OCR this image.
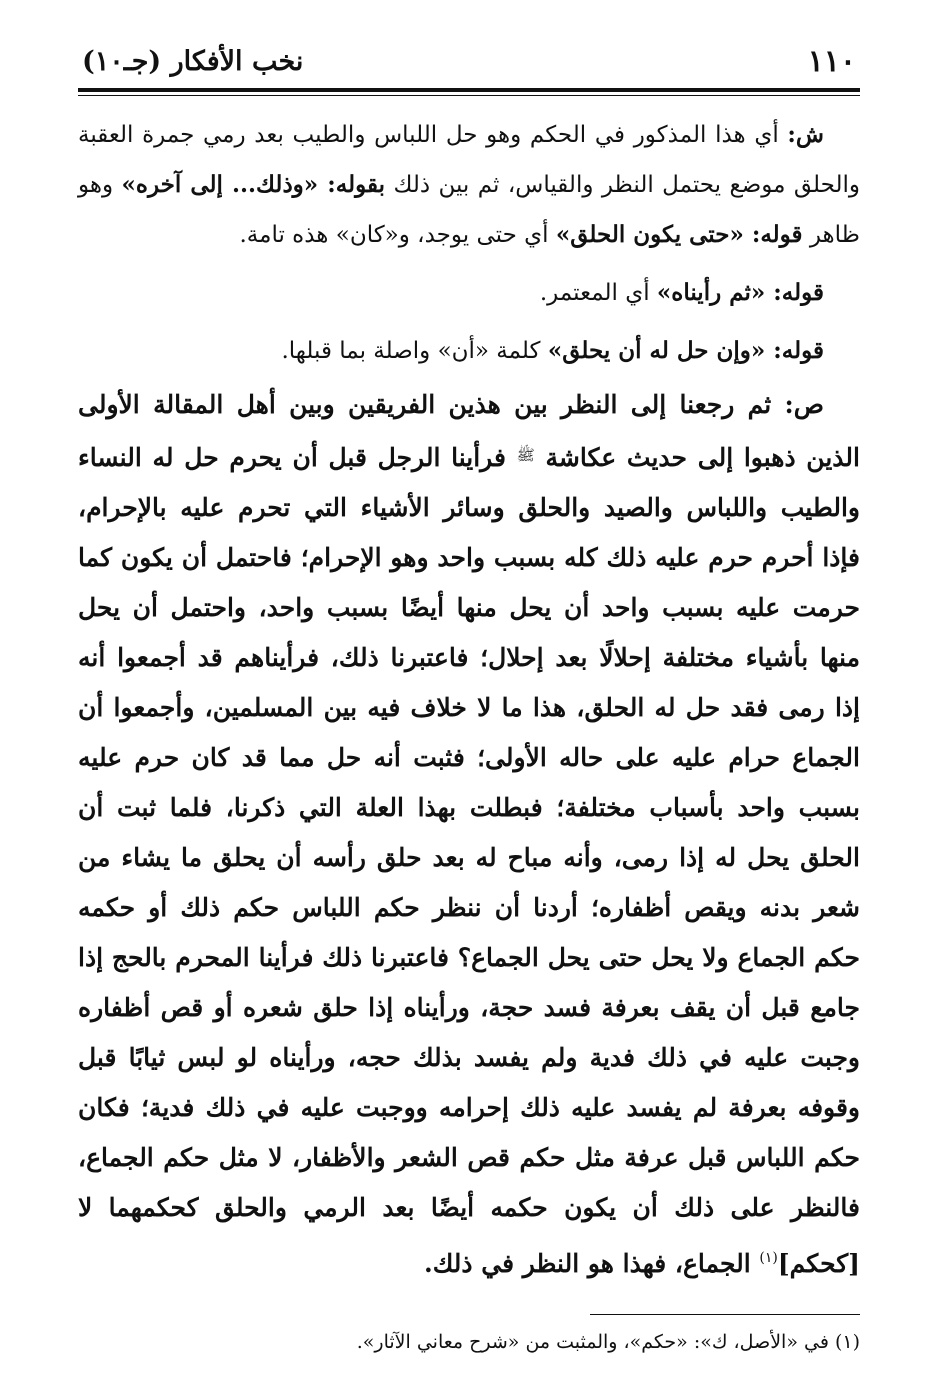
١١٠
نخب الأفكار (جـ١٠)

ش: أي هذا المذكور في الحكم وهو حل اللباس والطيب بعد رمي جمرة العقبة والحلق موضع يحتمل النظر والقياس، ثم بين ذلك بقوله: «وذلك... إلى آخره» وهو ظاهر قوله: «حتى يكون الحلق» أي حتى يوجد، و«كان» هذه تامة.

قوله: «ثم رأيناه» أي المعتمر.

قوله: «وإن حل له أن يحلق» كلمة «أن» واصلة بما قبلها.

ص: ثم رجعنا إلى النظر بين هذين الفريقين وبين أهل المقالة الأولى الذين ذهبوا إلى حديث عكاشة $^ﷺ$ فرأينا الرجل قبل أن يحرم حل له النساء والطيب واللباس والصيد والحلق وسائر الأشياء التي تحرم عليه بالإحرام، فإذا أحرم حرم عليه ذلك كله بسبب واحد وهو الإحرام؛ فاحتمل أن يكون كما حرمت عليه بسبب واحد أن يحل منها أيضًا بسبب واحد، واحتمل أن يحل منها بأشياء مختلفة إحلالًا بعد إحلال؛ فاعتبرنا ذلك، فرأيناهم قد أجمعوا أنه إذا رمى فقد حل له الحلق، هذا ما لا خلاف فيه بين المسلمين، وأجمعوا أن الجماع حرام عليه على حاله الأولى؛ فثبت أنه حل مما قد كان حرم عليه بسبب واحد بأسباب مختلفة؛ فبطلت بهذا العلة التي ذكرنا، فلما ثبت أن الحلق يحل له إذا رمى، وأنه مباح له بعد حلق رأسه أن يحلق ما يشاء من شعر بدنه ويقص أظفاره؛ أردنا أن ننظر حكم اللباس حكم ذلك أو حكمه حكم الجماع ولا يحل حتى يحل الجماع؟ فاعتبرنا ذلك فرأينا المحرم بالحج إذا جامع قبل أن يقف بعرفة فسد حجة، ورأيناه إذا حلق شعره أو قص أظفاره وجبت عليه في ذلك فدية ولم يفسد بذلك حجه، ورأيناه لو لبس ثيابًا قبل وقوفه بعرفة لم يفسد عليه ذلك إحرامه ووجبت عليه في ذلك فدية؛ فكان حكم اللباس قبل عرفة مثل حكم قص الشعر والأظفار، لا مثل حكم الجماع، فالنظر على ذلك أن يكون حكمه أيضًا بعد الرمي والحلق كحكمهما لا [كحكم]$^{(١)}$ الجماع، فهذا هو النظر في ذلك.

(١) في «الأصل، ك»: «حكم»، والمثبت من «شرح معاني الآثار».
